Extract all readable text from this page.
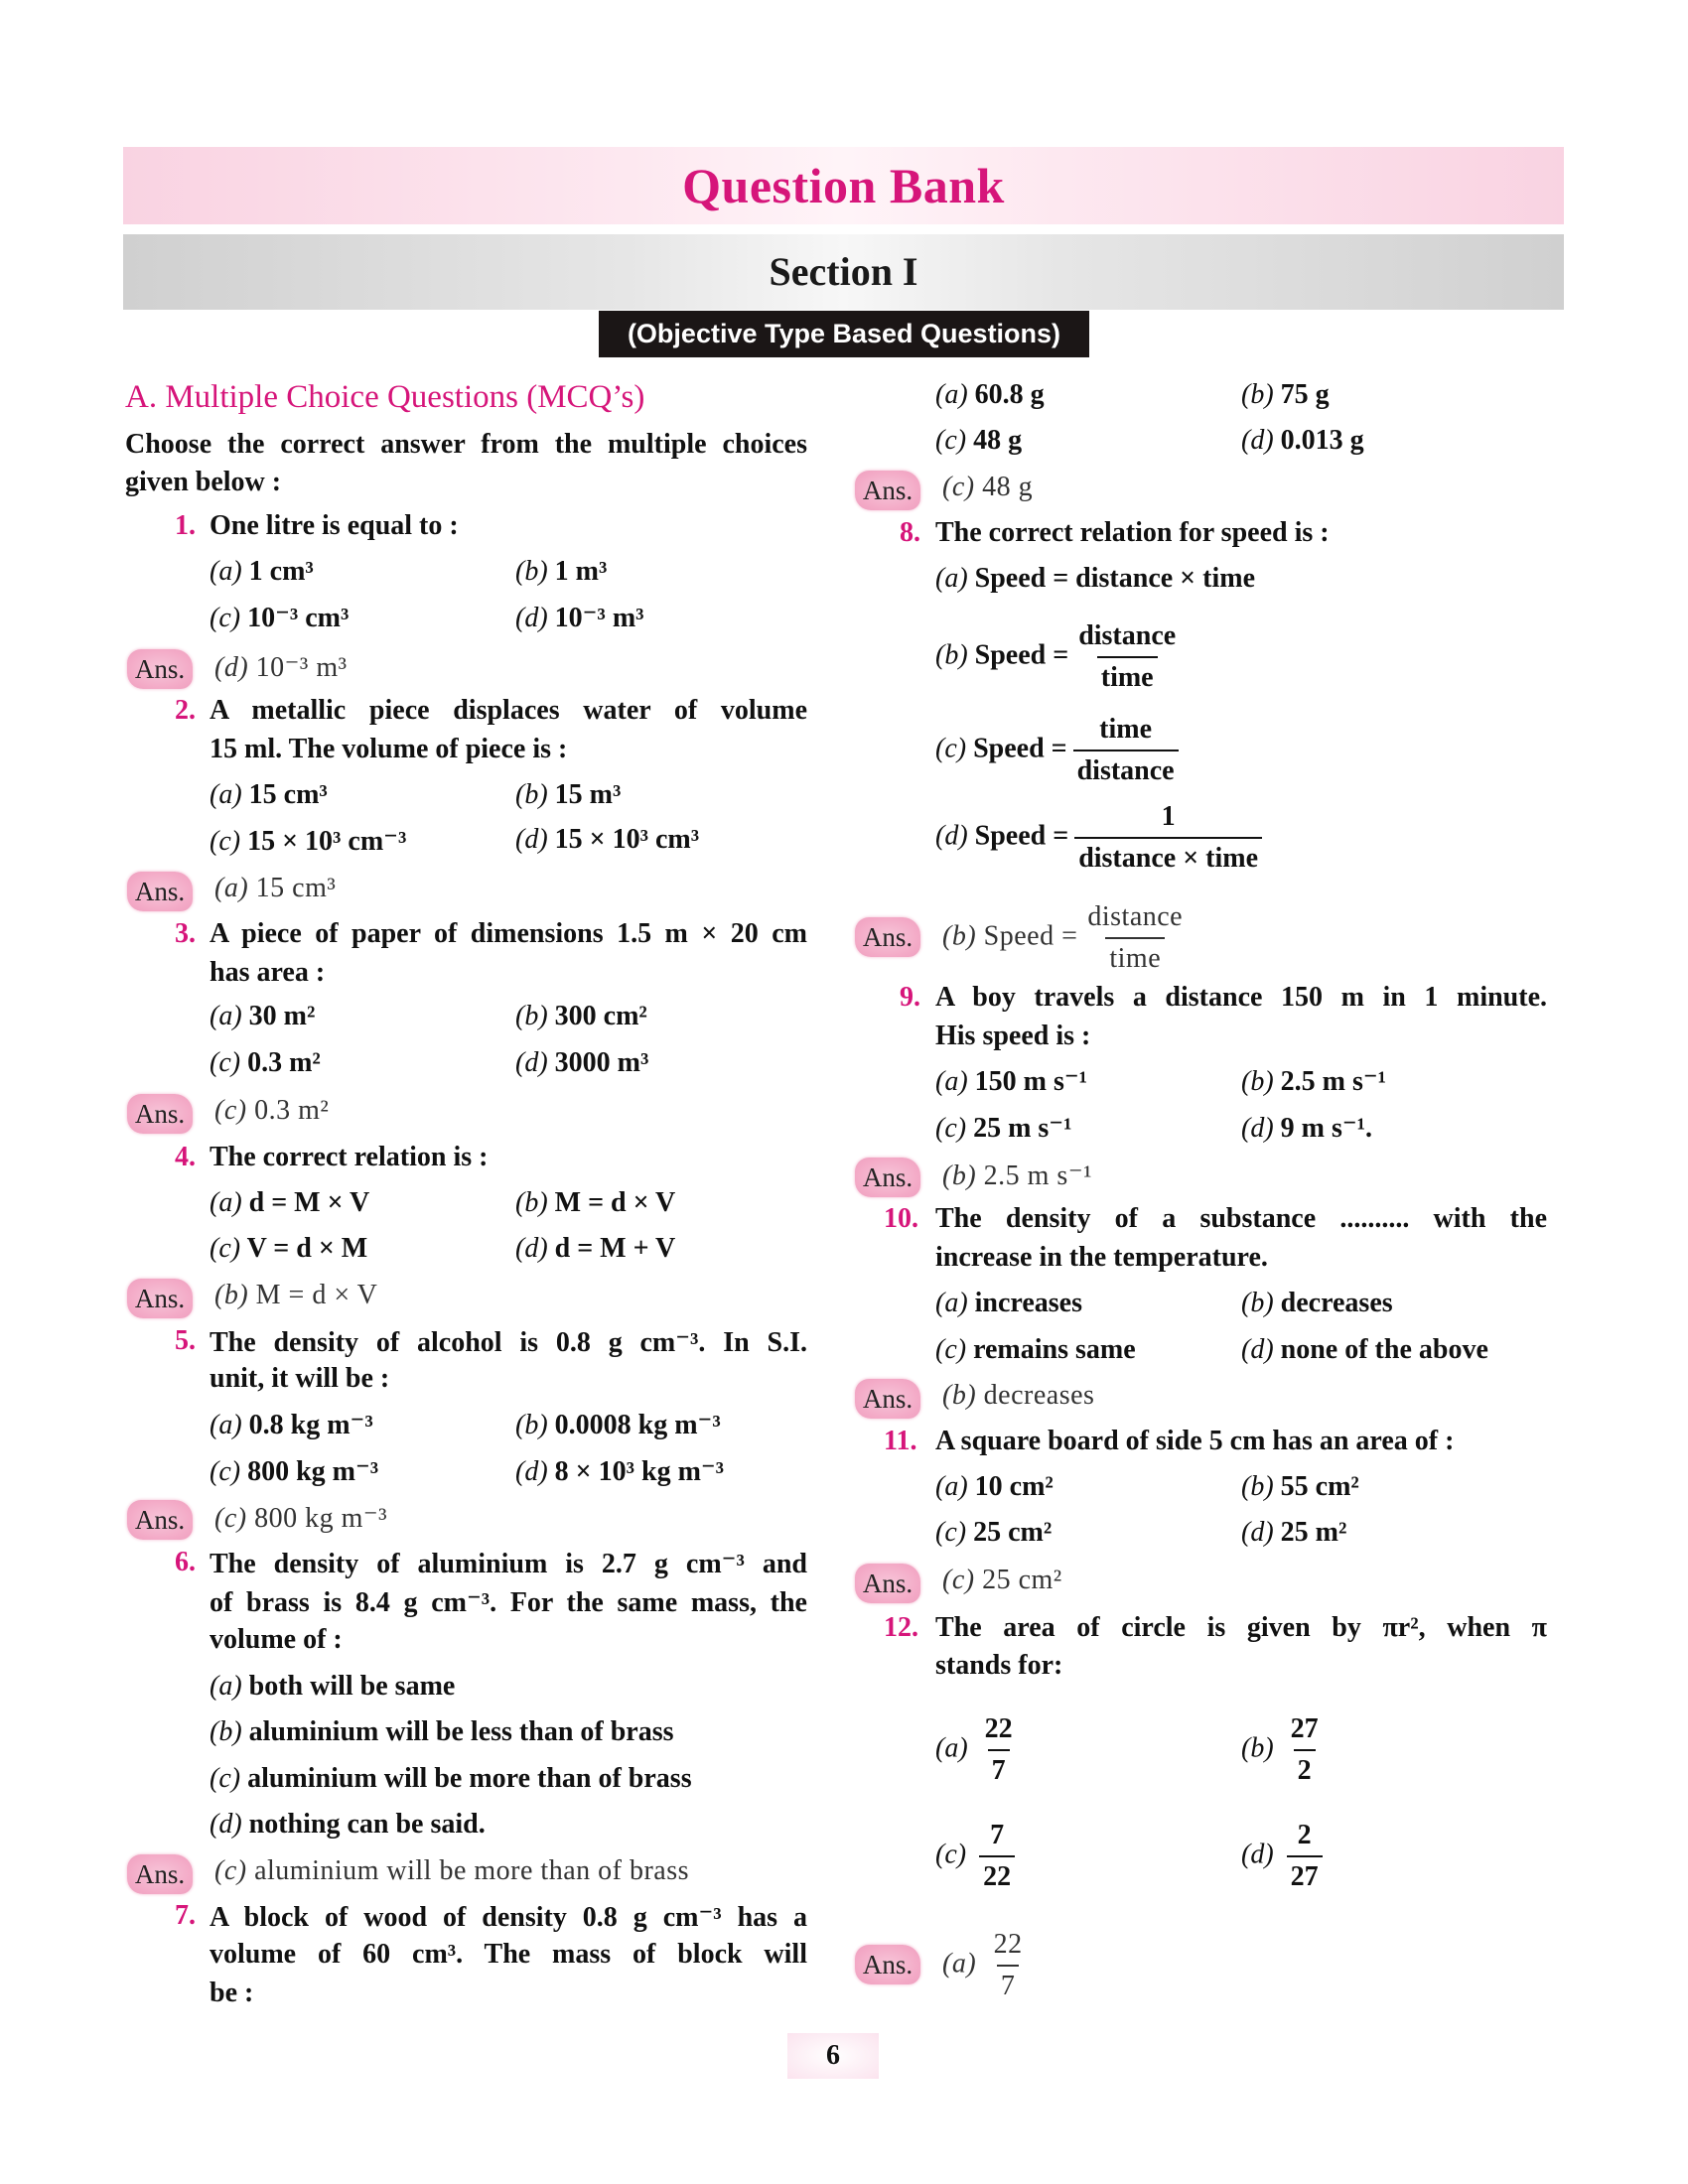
Question Bank
Section I
(Objective Type Based Questions)
A. Multiple Choice Questions (MCQ’s)
Choose the correct answer from the multiple choices
given below :
1. One litre is equal to :
(a) 1 cm³	(b) 1 m³
(c) 10⁻³ cm³	(d) 10⁻³ m³
Ans. (d) 10⁻³ m³
2. A metallic piece displaces water of volume
15 ml. The volume of piece is :
(a) 15 cm³	(b) 15 m³
(c) 15 × 10³ cm⁻³	(d) 15 × 10³ cm³
Ans. (a) 15 cm³
3. A piece of paper of dimensions 1.5 m × 20 cm
has area :
(a) 30 m²	(b) 300 cm²
(c) 0.3 m²	(d) 3000 m³
Ans. (c) 0.3 m²
4. The correct relation is :
(a) d = M × V	(b) M = d × V
(c) V = d × M	(d) d = M + V
Ans. (b) M = d × V
5. The density of alcohol is 0.8 g cm⁻³. In S.I.
unit, it will be :
(a) 0.8 kg m⁻³	(b) 0.0008 kg m⁻³
(c) 800 kg m⁻³	(d) 8 × 10³ kg m⁻³
Ans. (c) 800 kg m⁻³
6. The density of aluminium is 2.7 g cm⁻³ and
of brass is 8.4 g cm⁻³. For the same mass, the
volume of :
(a) both will be same
(b) aluminium will be less than of brass
(c) aluminium will be more than of brass
(d) nothing can be said.
Ans. (c) aluminium will be more than of brass
7. A block of wood of density 0.8 g cm⁻³ has a
volume of 60 cm³. The mass of block will
be :
(a) 60.8 g	(b) 75 g
(c) 48 g	(d) 0.013 g
Ans. (c) 48 g
8. The correct relation for speed is :
(a) Speed = distance × time
(b) Speed = $\frac{\text{distance}}{\text{time}}$
(c) Speed = $\frac{\text{time}}{\text{distance}}$
(d) Speed = $\frac{1}{\text{distance × time}}$
Ans. (b) Speed = $\frac{\text{distance}}{\text{time}}$
9. A boy travels a distance 150 m in 1 minute.
His speed is :
(a) 150 m s⁻¹	(b) 2.5 m s⁻¹
(c) 25 m s⁻¹	(d) 9 m s⁻¹.
Ans. (b) 2.5 m s⁻¹
10. The density of a substance .......... with the
increase in the temperature.
(a) increases	(b) decreases
(c) remains same	(d) none of the above
Ans. (b) decreases
11. A square board of side 5 cm has an area of :
(a) 10 cm²	(b) 55 cm²
(c) 25 cm²	(d) 25 m²
Ans. (c) 25 cm²
12. The area of circle is given by πr², when π
stands for:
$(a) \frac{22}{7}$	$(b) \frac{27}{2}$
$(c) \frac{7}{22}$	$(d) \frac{2}{27}$
Ans. $(a) \frac{22}{7}$
6
